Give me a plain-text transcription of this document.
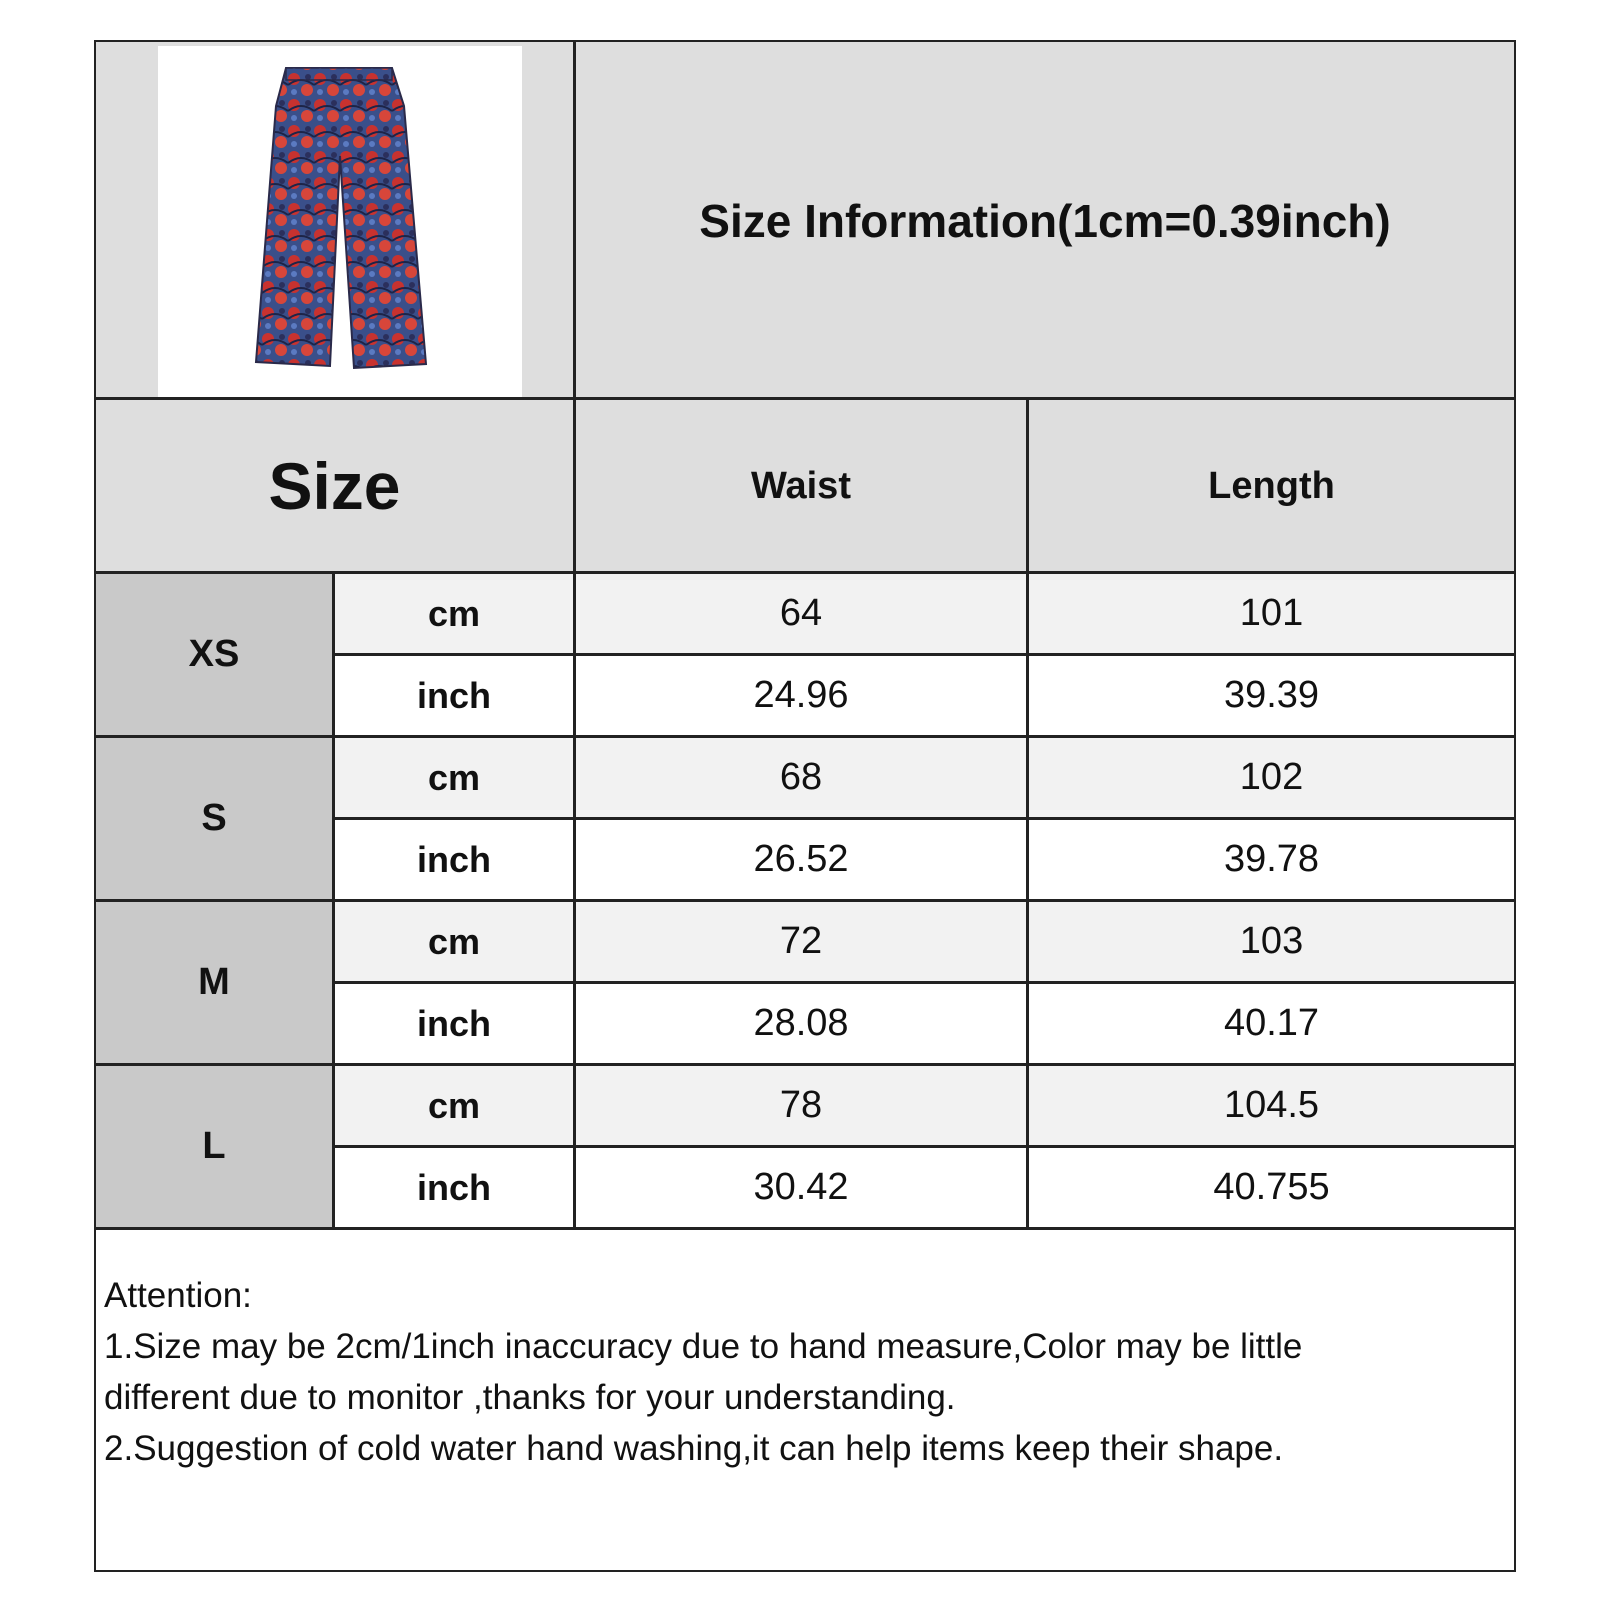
Size Information(1cm=0.39inch)
Size	Waist	Length
XS
cm	64	101
inch	24.96	39.39
S
cm	68	102
inch	26.52	39.78
M
cm	72	103
inch	28.08	40.17
L
cm	78	104.5
inch	30.42	40.755
Attention:
1.Size may be 2cm/1inch inaccuracy due to hand measure,Color may be little
different due to monitor ,thanks for your understanding.
2.Suggestion of cold water hand washing,it can help items keep their shape.
